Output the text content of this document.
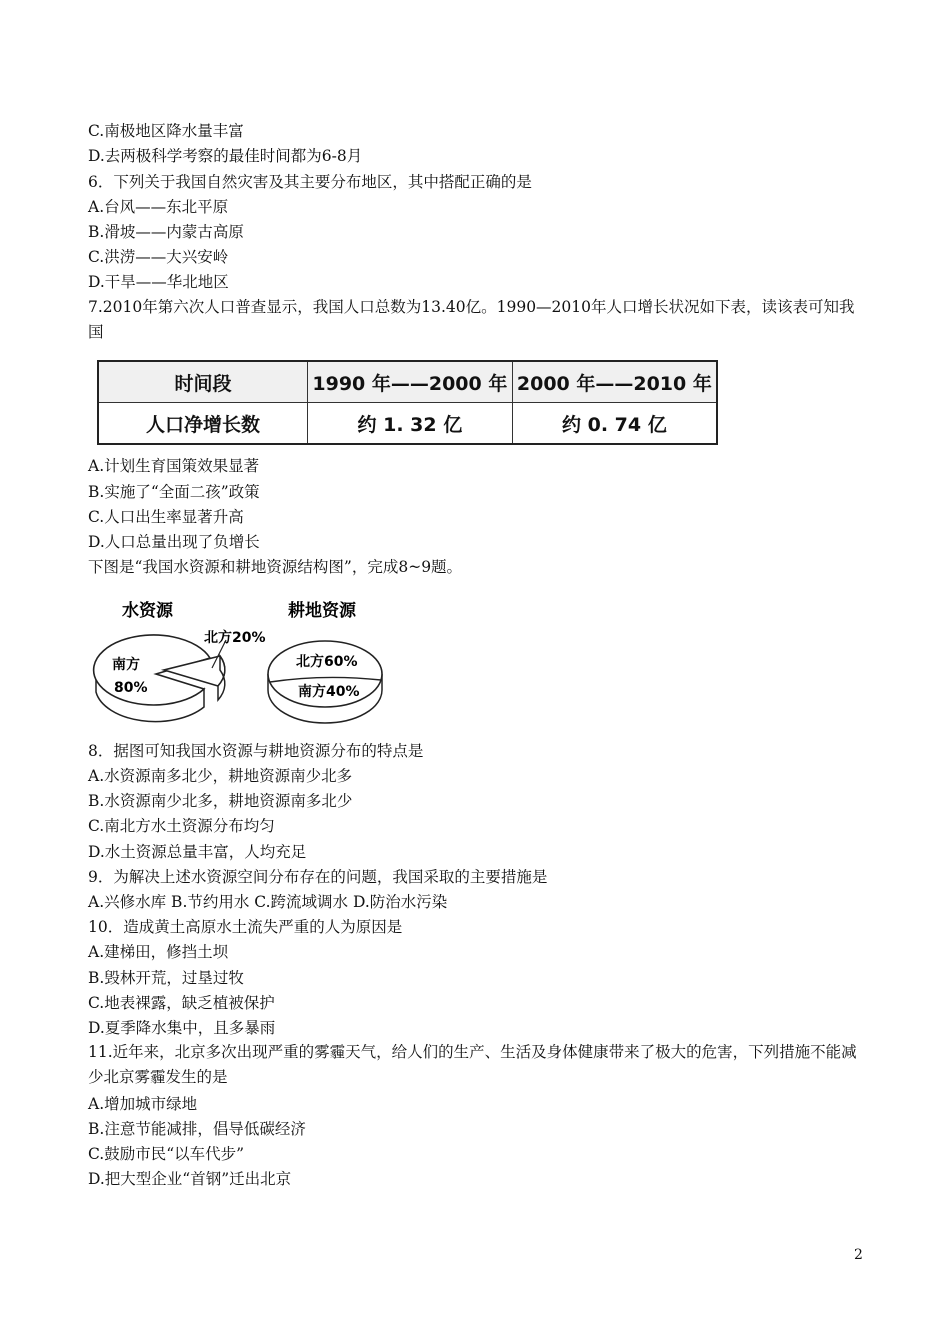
C.南极地区降水量丰富
D.去两极科学考察的最佳时间都为6-8月
6．下列关于我国自然灾害及其主要分布地区，其中搭配正确的是
A.台风——东北平原
B.滑坡——内蒙古高原
C.洪涝——大兴安岭
D.干旱——华北地区
7.2010年第六次人口普查显示，我国人口总数为13.40亿。1990—2010年人口增长状况如下表，读该表可知我国
时间段	1990 年——2000 年	2000 年——2010 年
人口净增长数	约 1. 32 亿	约 0. 74 亿
A.计划生育国策效果显著
B.实施了“全面二孩”政策
C.人口出生率显著升高
D.人口总量出现了负增长
下图是“我国水资源和耕地资源结构图”，完成8~9题。
水资源
南方
80%
北方20%
耕地资源
北方60%
南方40%
8．据图可知我国水资源与耕地资源分布的特点是
A.水资源南多北少，耕地资源南少北多
B.水资源南少北多，耕地资源南多北少
C.南北方水土资源分布均匀
D.水土资源总量丰富，人均充足
9．为解决上述水资源空间分布存在的问题，我国采取的主要措施是
A.兴修水库 B.节约用水 C.跨流域调水 D.防治水污染
10．造成黄土高原水土流失严重的人为原因是
A.建梯田，修挡土坝
B.毁林开荒，过垦过牧
C.地表裸露，缺乏植被保护
D.夏季降水集中，且多暴雨
11.近年来，北京多次出现严重的雾霾天气，给人们的生产、生活及身体健康带来了极大的危害，下列措施不能减少北京雾霾发生的是
A.增加城市绿地
B.注意节能减排，倡导低碳经济
C.鼓励市民“以车代步”
D.把大型企业“首钢”迁出北京
2
